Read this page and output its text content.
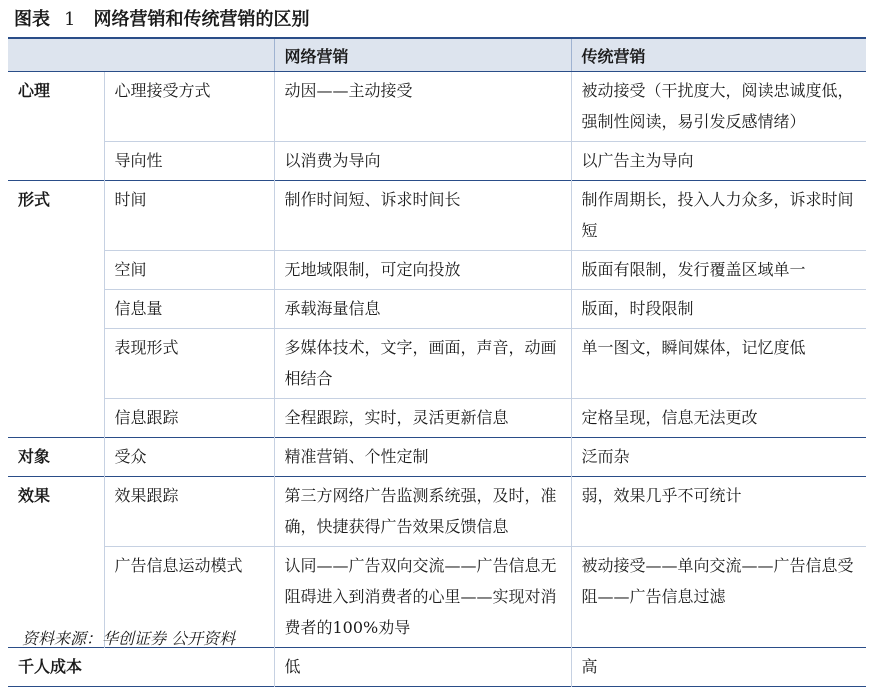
图表 1 网络营销和传统营销的区别
		网络营销	传统营销
心理	心理接受方式	动因——主动接受	被动接受（干扰度大，阅读忠诚度低，强制性阅读，易引发反感情绪）
	导向性	以消费为导向	以广告主为导向
形式	时间	制作时间短、诉求时间长	制作周期长，投入人力众多，诉求时间短
	空间	无地域限制，可定向投放	版面有限制，发行覆盖区域单一
	信息量	承载海量信息	版面，时段限制
	表现形式	多媒体技术，文字，画面，声音，动画相结合	单一图文，瞬间媒体，记忆度低
	信息跟踪	全程跟踪，实时，灵活更新信息	定格呈现，信息无法更改
对象	受众	精准营销、个性定制	泛而杂
效果	效果跟踪	第三方网络广告监测系统强，及时，准确，快捷获得广告效果反馈信息	弱，效果几乎不可统计
	广告信息运动模式	认同——广告双向交流——广告信息无阻碍进入到消费者的心里——实现对消费者的100%劝导	被动接受——单向交流——广告信息受阻——广告信息过滤
千人成本		低	高
资料来源：华创证券 公开资料
